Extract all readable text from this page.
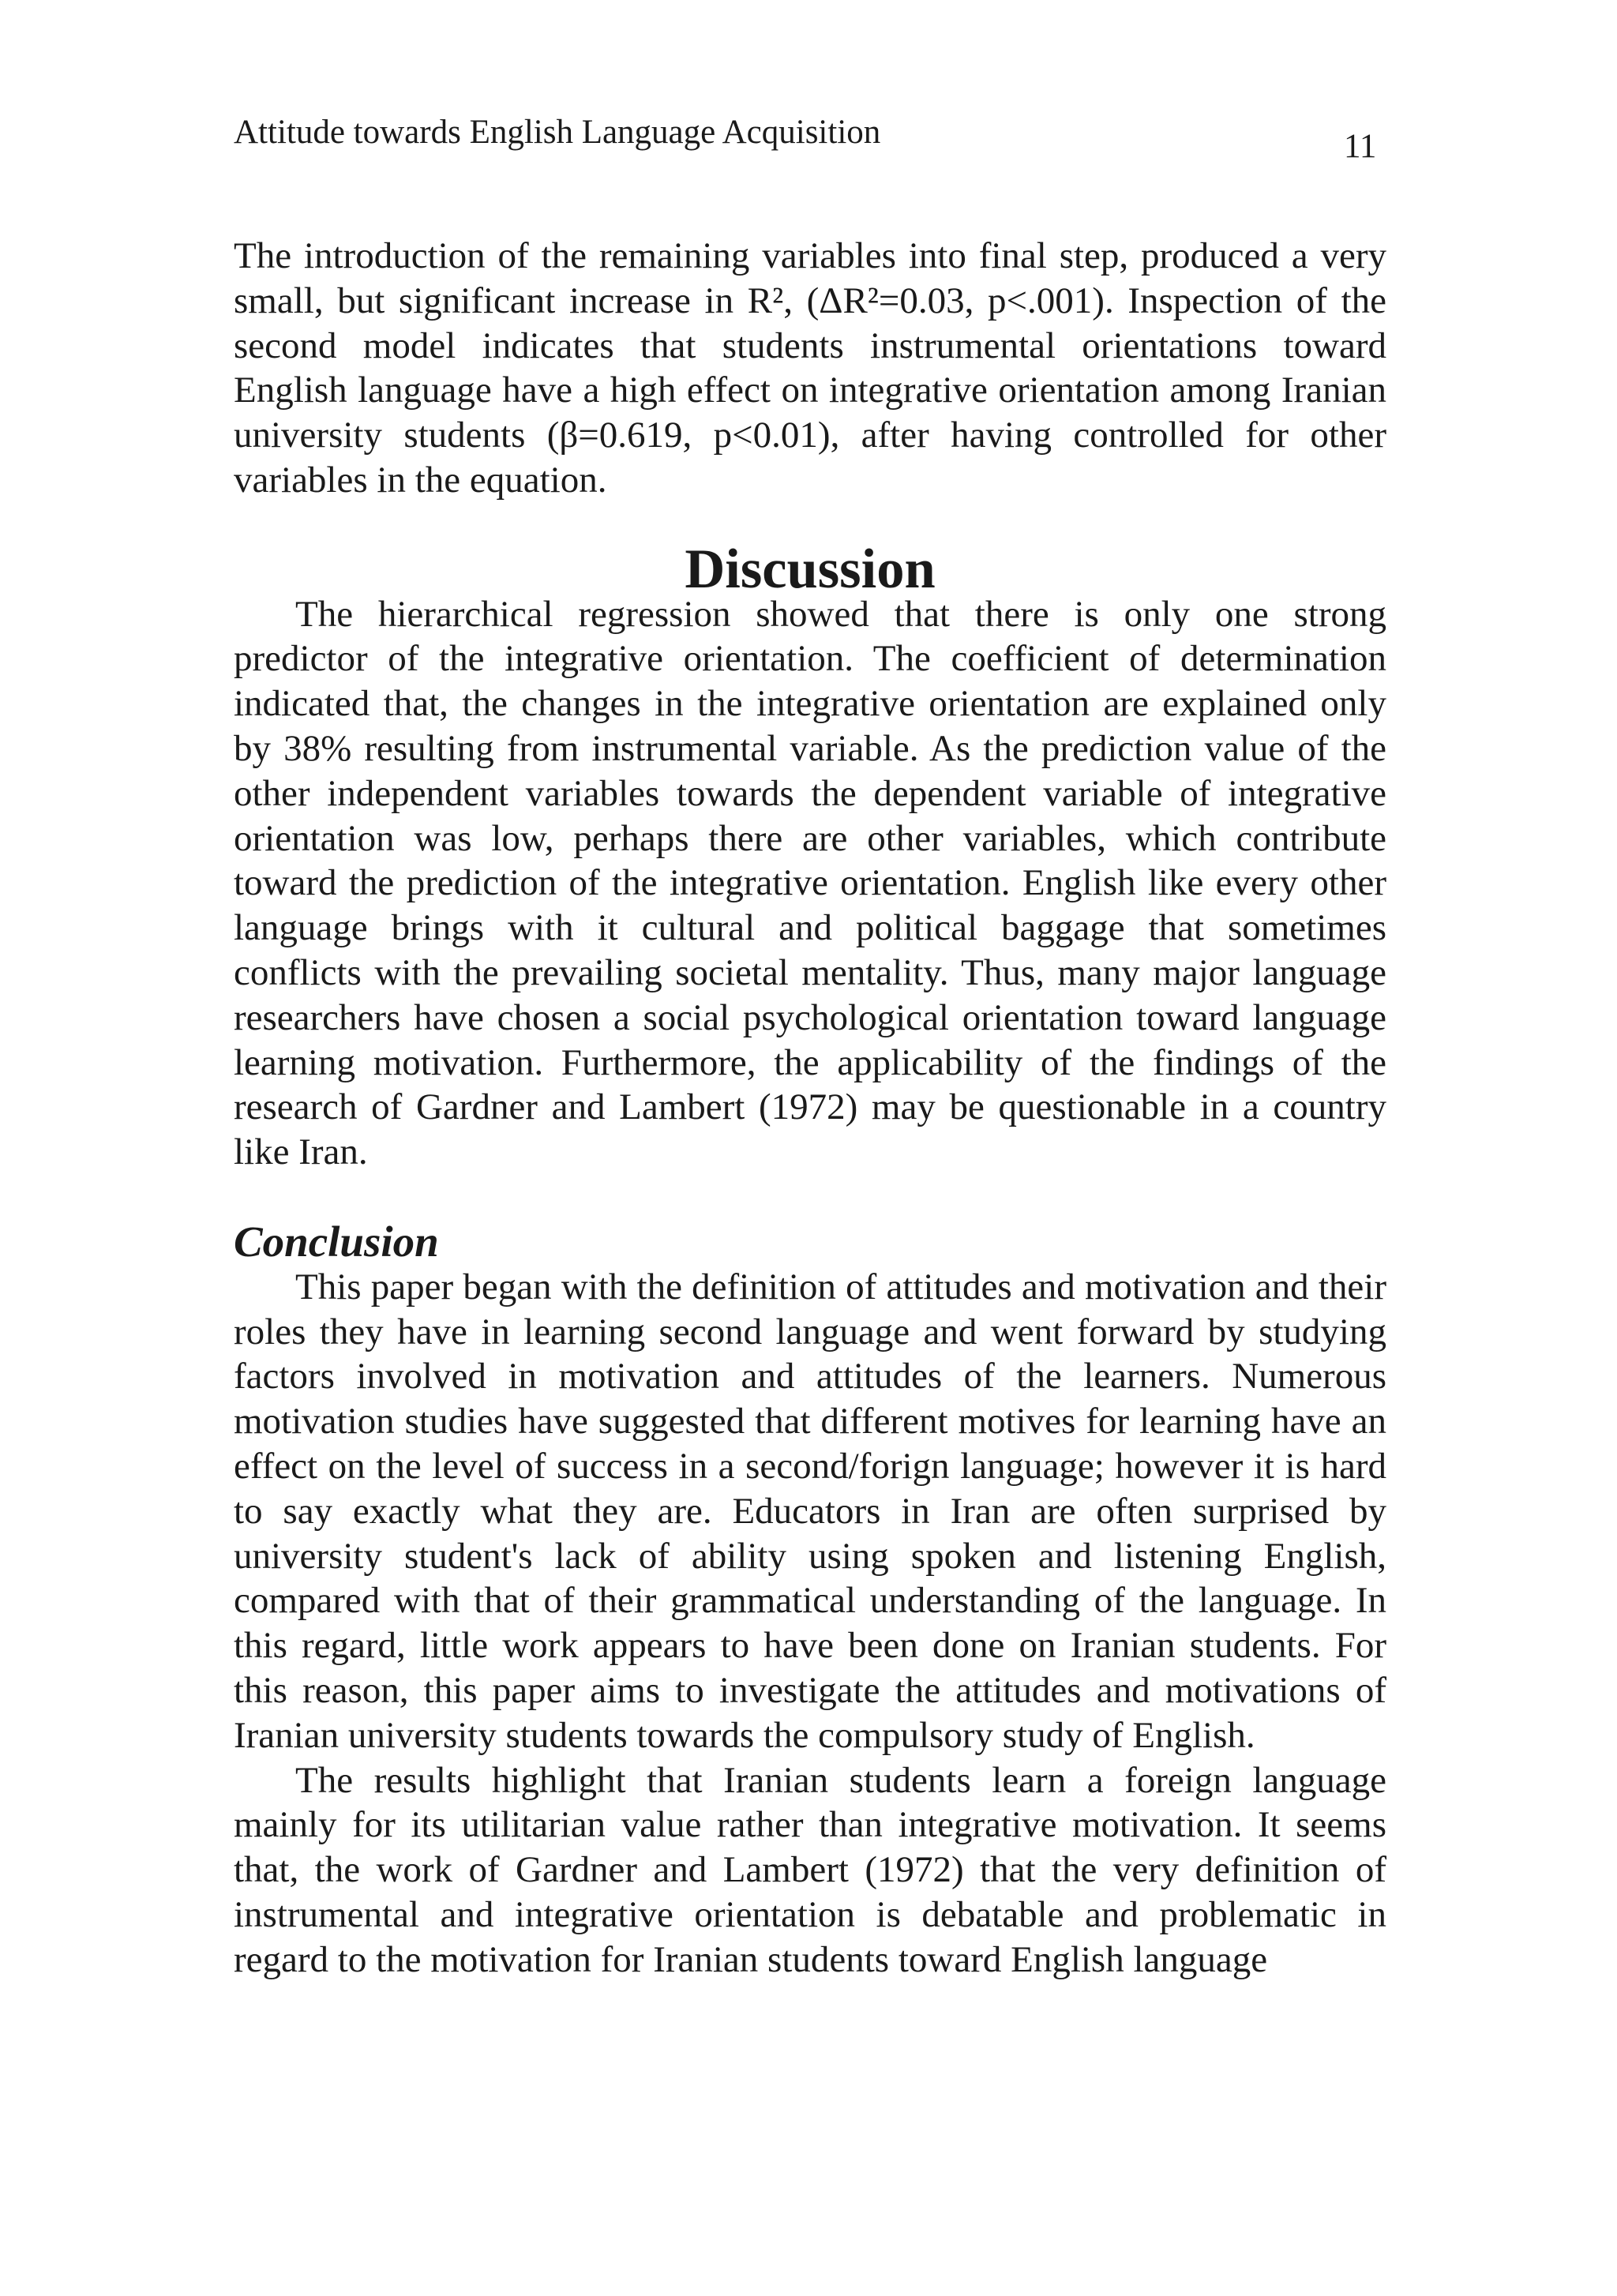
Attitude towards English Language Acquisition	11

The introduction of the remaining variables into final step, produced a very small, but significant increase in R², (ΔR²=0.03, p<.001). Inspection of the second model indicates that students instrumental orientations toward English language have a high effect on integrative orientation among Iranian university students (β=0.619, p<0.01), after having controlled for other variables in the equation.

Discussion

The hierarchical regression showed that there is only one strong predictor of the integrative orientation. The coefficient of determination indicated that, the changes in the integrative orientation are explained only by 38% resulting from instrumental variable. As the prediction value of the other independent variables towards the dependent variable of integrative orientation was low, perhaps there are other variables, which contribute toward the prediction of the integrative orientation. English like every other language brings with it cultural and political baggage that sometimes conflicts with the prevailing societal mentality. Thus, many major language researchers have chosen a social psychological orientation toward language learning motivation. Furthermore, the applicability of the findings of the research of Gardner and Lambert (1972) may be questionable in a country like Iran.

Conclusion

This paper began with the definition of attitudes and motivation and their roles they have in learning second language and went forward by studying factors involved in motivation and attitudes of the learners. Numerous motivation studies have suggested that different motives for learning have an effect on the level of success in a second/forign language; however it is hard to say exactly what they are. Educators in Iran are often surprised by university student's lack of ability using spoken and listening English, compared with that of their grammatical understanding of the language. In this regard, little work appears to have been done on Iranian students. For this reason, this paper aims to investigate the attitudes and motivations of Iranian university students towards the compulsory study of English.

The results highlight that Iranian students learn a foreign language mainly for its utilitarian value rather than integrative motivation. It seems that, the work of Gardner and Lambert (1972) that the very definition of instrumental and integrative orientation is debatable and problematic in regard to the motivation for Iranian students toward English language
